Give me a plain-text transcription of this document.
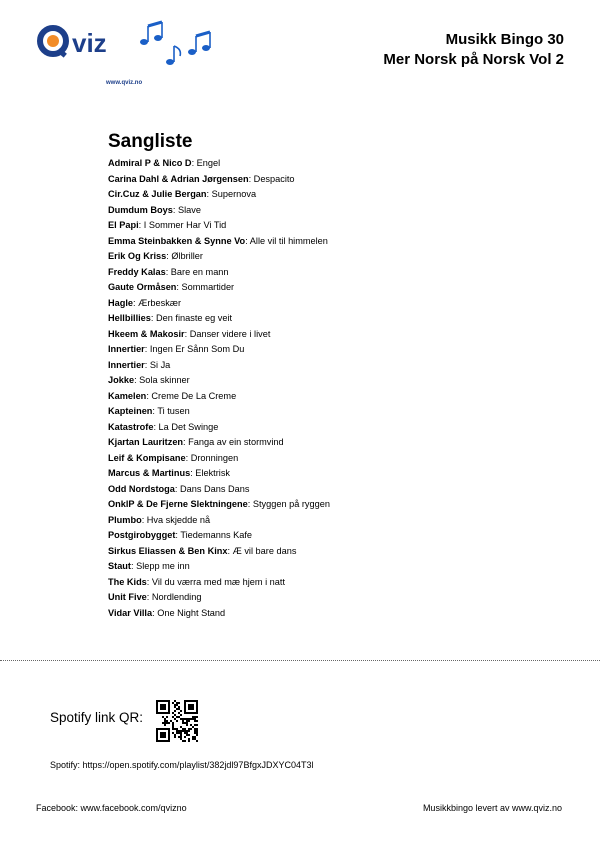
viz
www.qviz.no
Musikk Bingo 30
Mer Norsk på Norsk Vol 2
Sangliste
Admiral P & Nico D: Engel
Carina Dahl & Adrian Jørgensen: Despacito
Cir.Cuz & Julie Bergan: Supernova
Dumdum Boys: Slave
El Papi: I Sommer Har Vi Tid
Emma Steinbakken & Synne Vo: Alle vil til himmelen
Erik Og Kriss: Ølbriller
Freddy Kalas: Bare en mann
Gaute Ormåsen: Sommartider
Hagle: Ærbeskær
Hellbillies: Den finaste eg veit
Hkeem & Makosir: Danser videre i livet
Innertier: Ingen Er Sånn Som Du
Innertier: Si Ja
Jokke: Sola skinner
Kamelen: Creme De La Creme
Kapteinen: Ti tusen
Katastrofe: La Det Swinge
Kjartan Lauritzen: Fanga av ein stormvind
Leif & Kompisane: Dronningen
Marcus & Martinus: Elektrisk
Odd Nordstoga: Dans Dans Dans
OnklP & De Fjerne Slektningene: Styggen på ryggen
Plumbo: Hva skjedde nå
Postgirobygget: Tiedemanns Kafe
Sirkus Eliassen & Ben Kinx: Æ vil bare dans
Staut: Slepp me inn
The Kids: Vil du værra med mæ hjem i natt
Unit Five: Nordlending
Vidar Villa: One Night Stand
Spotify link QR:
Spotify: https://open.spotify.com/playlist/382jdl97BfgxJDXYC04T3l
Facebook: www.facebook.com/qvizno	Musikkbingo levert av www.qviz.no
